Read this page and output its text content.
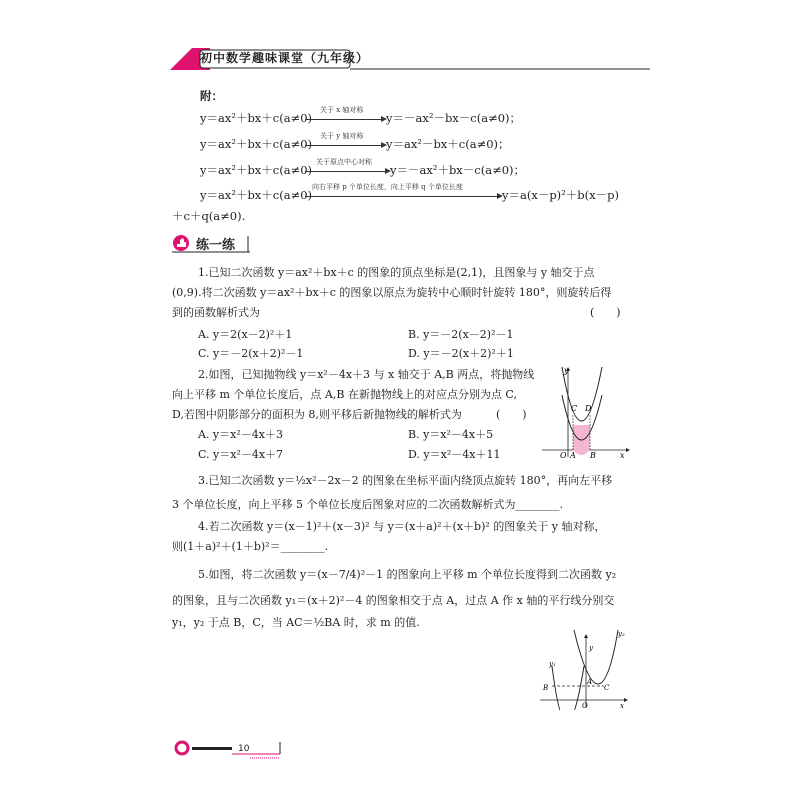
初中数学趣味课堂（九年级）
附：
y＝ax²＋bx＋c(a≠0)
关于 x 轴对称
y＝－ax²－bx－c(a≠0)；
y＝ax²＋bx＋c(a≠0)
关于 y 轴对称
y＝ax²－bx＋c(a≠0)；
y＝ax²＋bx＋c(a≠0)
关于原点中心对称
y＝－ax²＋bx－c(a≠0)；
y＝ax²＋bx＋c(a≠0)
向右平移 p 个单位长度，向上平移 q 个单位长度
y＝a(x－p)²＋b(x－p)
＋c＋q(a≠0).
练一练
1.已知二次函数 y＝ax²＋bx＋c 的图象的顶点坐标是(2,1)，且图象与 y 轴交于点
(0,9).将二次函数 y＝ax²＋bx＋c 的图象以原点为旋转中心顺时针旋转 180°，则旋转后得
到的函数解析式为	(　　)
A. y＝2(x－2)²＋1	B. y＝－2(x－2)²－1
C. y＝－2(x＋2)²－1	D. y＝－2(x＋2)²＋1
2.如图，已知抛物线 y＝x²－4x＋3 与 x 轴交于 A,B 两点，将抛物线
向上平移 m 个单位长度后，点 A,B 在新抛物线上的对应点分别为点 C,
D,若图中阴影部分的面积为 8,则平移后新抛物线的解析式为	(　　)
A. y＝x²－4x＋3	B. y＝x²－4x＋5
C. y＝x²－4x＋7	D. y＝x²－4x＋11
y
x
O A B
C D
3.已知二次函数 y＝½x²－2x－2 的图象在坐标平面内绕顶点旋转 180°，再向左平移
3 个单位长度，向上平移 5 个单位长度后图象对应的二次函数解析式为________.
4.若二次函数 y＝(x－1)²＋(x－3)² 与 y＝(x＋a)²＋(x＋b)² 的图象关于 y 轴对称，
则(1＋a)²＋(1＋b)²＝________.
5.如图，将二次函数 y＝(x－7/4)²－1 的图象向上平移 m 个单位长度得到二次函数 y₂
的图象，且与二次函数 y₁＝(x＋2)²－4 的图象相交于点 A，过点 A 作 x 轴的平行线分别交
y₁，y₂ 于点 B，C，当 AC＝½BA 时，求 m 的值.
y₁
y₂
y
x
B
A
C
O
10
